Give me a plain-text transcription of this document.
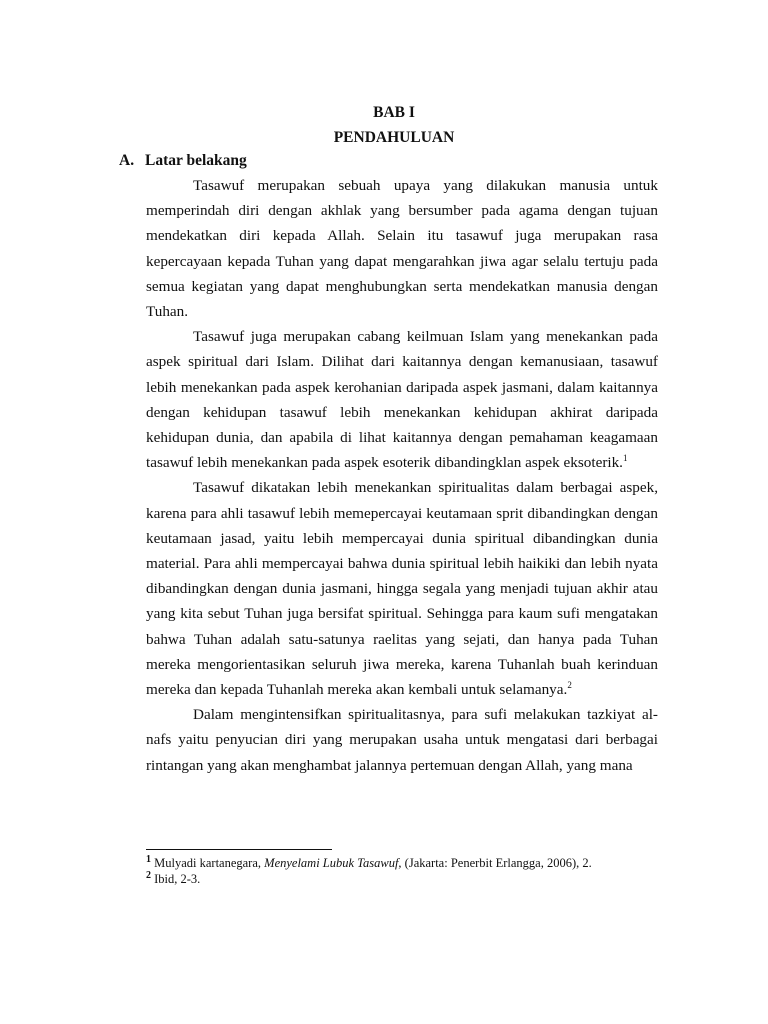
BAB I
PENDAHULUAN
A. Latar belakang

Tasawuf merupakan sebuah upaya yang dilakukan manusia untuk memperindah diri dengan akhlak yang bersumber pada agama dengan tujuan mendekatkan diri kepada Allah. Selain itu tasawuf juga merupakan rasa kepercayaan kepada Tuhan yang dapat mengarahkan jiwa agar selalu tertuju pada semua kegiatan yang dapat menghubungkan serta mendekatkan manusia dengan Tuhan.

Tasawuf juga merupakan cabang keilmuan Islam yang menekankan pada aspek spiritual dari Islam. Dilihat dari kaitannya dengan kemanusiaan, tasawuf lebih menekankan pada aspek kerohanian daripada aspek jasmani, dalam kaitannya dengan kehidupan tasawuf lebih menekankan kehidupan akhirat daripada kehidupan dunia, dan apabila di lihat kaitannya dengan pemahaman keagamaan tasawuf lebih menekankan pada aspek esoterik dibandingklan aspek eksoterik.$^1$

Tasawuf dikatakan lebih menekankan spiritualitas dalam berbagai aspek, karena para ahli tasawuf lebih memepercayai keutamaan sprit dibandingkan dengan keutamaan jasad, yaitu lebih mempercayai dunia spiritual dibandingkan dunia material. Para ahli mempercayai bahwa dunia spiritual lebih haikiki dan lebih nyata dibandingkan dengan dunia jasmani, hingga segala yang menjadi tujuan akhir atau yang kita sebut Tuhan juga bersifat spiritual. Sehingga para kaum sufi mengatakan bahwa Tuhan adalah satu-satunya raelitas yang sejati, dan hanya pada Tuhan mereka mengorientasikan seluruh jiwa mereka, karena Tuhanlah buah kerinduan mereka dan kepada Tuhanlah mereka akan kembali untuk selamanya.$^2$

Dalam mengintensifkan spiritualitasnya, para sufi melakukan tazkiyat al-nafs yaitu penyucian diri yang merupakan usaha untuk mengatasi dari berbagai rintangan yang akan menghambat jalannya pertemuan dengan Allah, yang mana

$^1$ Mulyadi kartanegara, Menyelami Lubuk Tasawuf, (Jakarta: Penerbit Erlangga, 2006), 2.
$^2$ Ibid, 2-3.
